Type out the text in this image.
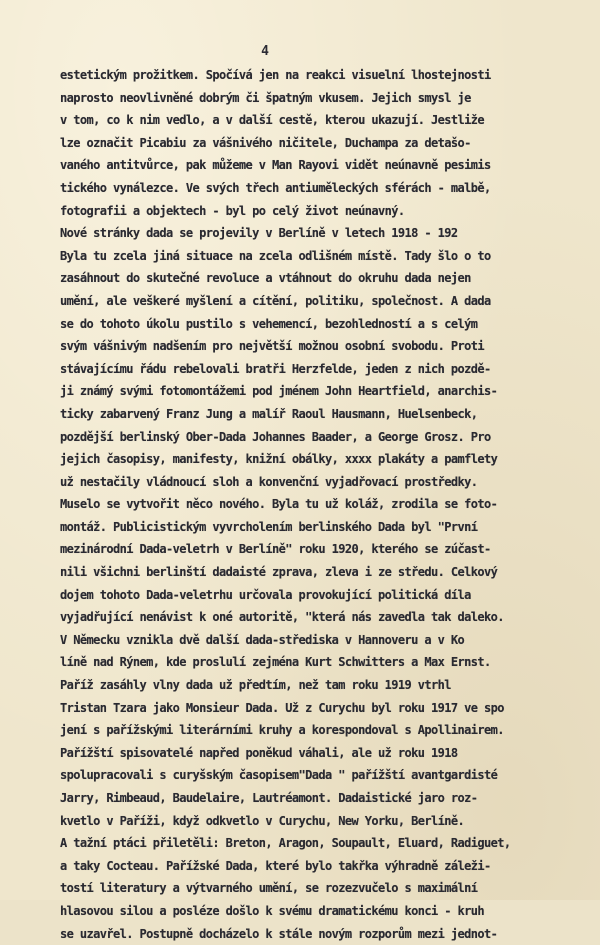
4
estetickým prožitkem. Spočívá jen na reakci visuelní lhostejnosti
naprosto neovlivněné dobrým či špatným vkusem. Jejich smysl je
v tom, co k nim vedlo, a v další cestě, kterou ukazují. Jestliže
lze označit Picabiu za vášnivého ničitele, Duchampa za detašo-
vaného antitvůrce, pak můžeme v Man Rayovi vidět neúnavně pesimis
tického vynálezce. Ve svých třech antiuměleckých sférách - malbě,
fotografii a objektech - byl po celý život neúnavný.
Nové stránky dada se projevily v Berlíně v letech 1918 - 192
Byla tu zcela jiná situace na zcela odlišném místě. Tady šlo o to
zasáhnout do skutečné revoluce a vtáhnout do okruhu dada nejen
umění, ale veškeré myšlení a cítění, politiku, společnost. A dada
se do tohoto úkolu pustilo s vehemencí, bezohledností a s celým
svým vášnivým nadšením pro největší možnou osobní svobodu. Proti
stávajícímu řádu rebelovali bratři Herzfelde, jeden z nich pozdě-
ji známý svými fotomontážemi pod jménem John Heartfield, anarchis-
ticky zabarvený Franz Jung a malíř Raoul Hausmann, Huelsenbeck,
pozdější berlinský Ober-Dada Johannes Baader, a George Grosz. Pro
jejich časopisy, manifesty, knižní obálky, xxxx plakáty a pamflety
už nestačily vládnoucí sloh a konvenční vyjadřovací prostředky.
Muselo se vytvořit něco nového. Byla tu už koláž, zrodila se foto-
montáž. Publicistickým vyvrcholením berlinského Dada byl "První
mezinárodní Dada-veletrh v Berlíně" roku 1920, kterého se zúčast-
nili všichni berlinští dadaisté zprava, zleva i ze středu. Celkový
dojem tohoto Dada-veletrhu určovala provokující politická díla
vyjadřující nenávist k oné autoritě, "která nás zavedla tak daleko.
V Německu vznikla dvě další dada-střediska v Hannoveru a v Ko
líně nad Rýnem, kde proslulí zejména Kurt Schwitters a Max Ernst.
Paříž zasáhly vlny dada už předtím, než tam roku 1919 vtrhl
Tristan Tzara jako Monsieur Dada. Už z Curychu byl roku 1917 ve spo
jení s pařížskými literárními kruhy a korespondoval s Apollinairem.
Pařížští spisovatelé napřed poněkud váhali, ale už roku 1918
spolupracovali s curyšským časopisem"Dada " pařížští avantgardisté
Jarry, Rimbeaud, Baudelaire, Lautréamont. Dadaistické jaro roz-
kvetlo v Paříži, když odkvetlo v Curychu, New Yorku, Berlíně.
A tažní ptáci přiletěli: Breton, Aragon, Soupault, Eluard, Radiguet,
a taky Cocteau. Pařížské Dada, které bylo takřka výhradně záleži-
tostí literatury a výtvarného umění, se rozezvučelo s maximální
hlasovou silou a posléze došlo k svému dramatickému konci - kruh
se uzavřel. Postupně docházelo k stále novým rozporům mezi jednot-
